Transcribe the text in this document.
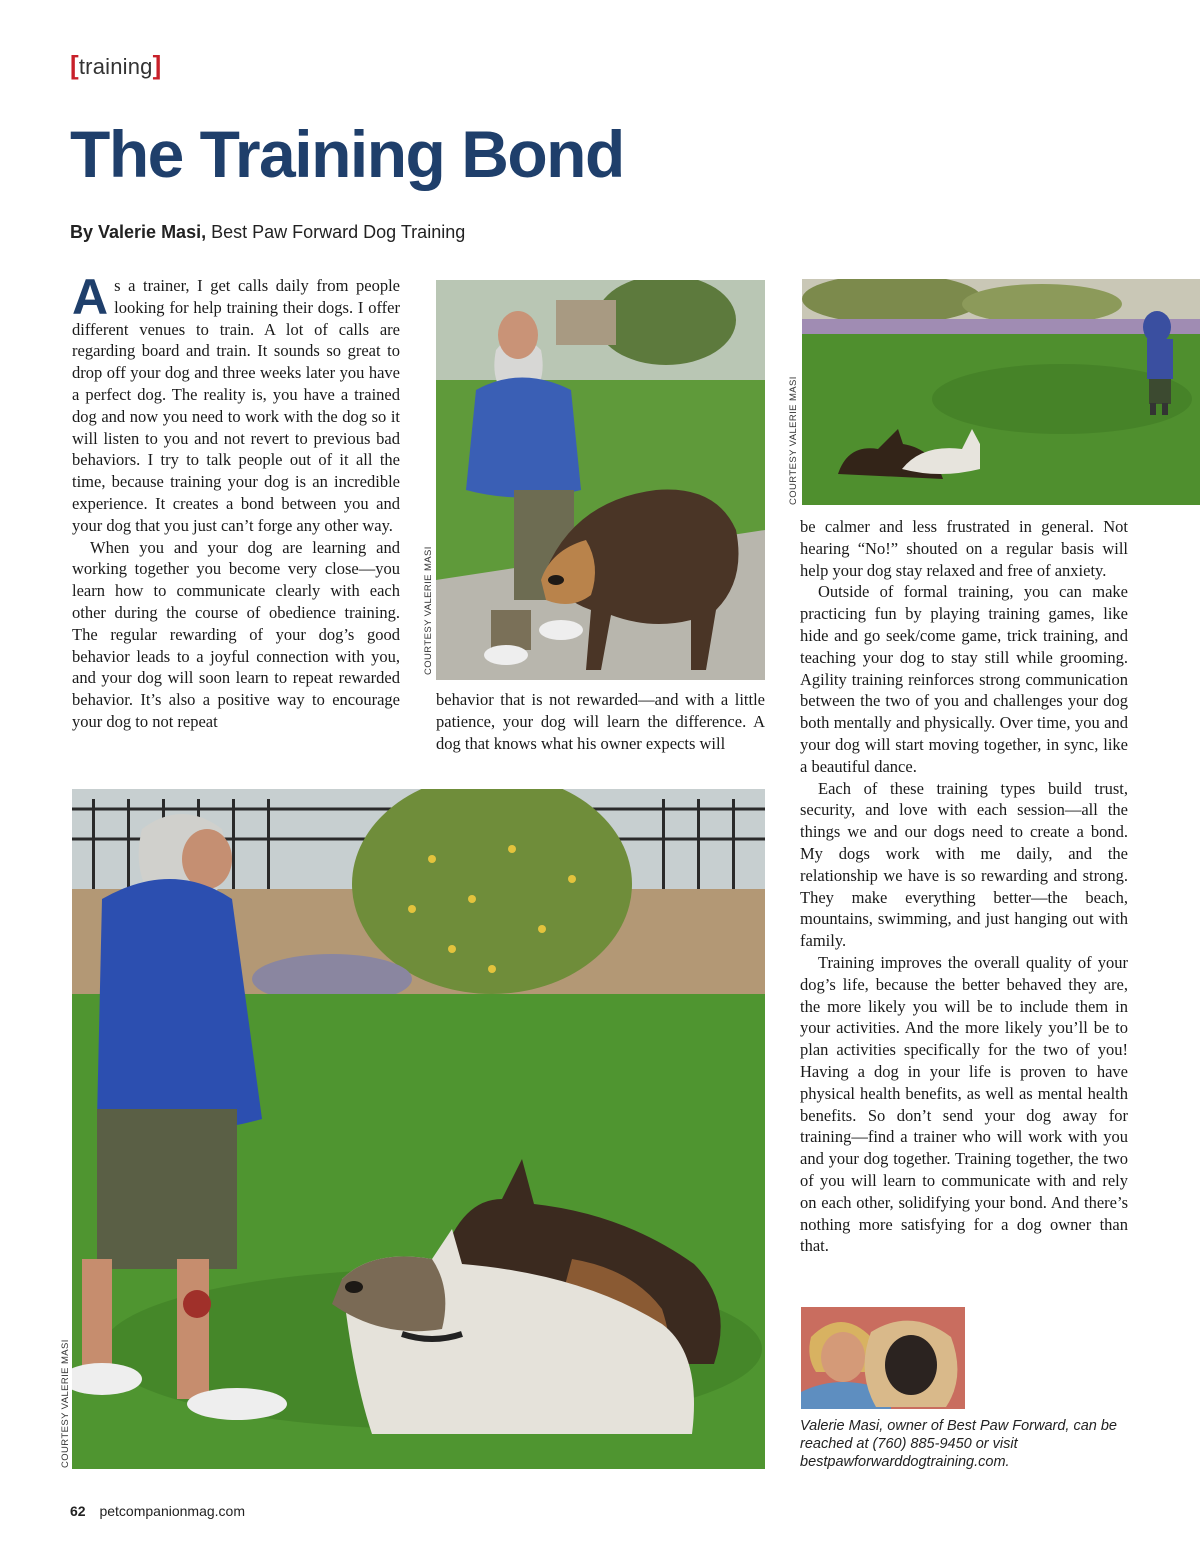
[training]
The Training Bond
By Valerie Masi, Best Paw Forward Dog Training

As a trainer, I get calls daily from people looking for help training their dogs. I offer different venues to train. A lot of calls are regarding board and train. It sounds so great to drop off your dog and three weeks later you have a perfect dog. The reality is, you have a trained dog and now you need to work with the dog so it will listen to you and not revert to previous bad behaviors. I try to talk people out of it all the time, because training your dog is an incredible experience. It creates a bond between you and your dog that you just can’t forge any other way.

When you and your dog are learning and working together you become very close—you learn how to communicate clearly with each other during the course of obedience training. The regular rewarding of your dog’s good behavior leads to a joyful connection with you, and your dog will soon learn to repeat rewarded behavior. It’s also a positive way to encourage your dog to not repeat

COURTESY VALERIE MASI

behavior that is not rewarded—and with a little patience, your dog will learn the difference. A dog that knows what his owner expects will

COURTESY VALERIE MASI

be calmer and less frustrated in general. Not hearing “No!” shouted on a regular basis will help your dog stay relaxed and free of anxiety.

Outside of formal training, you can make practicing fun by playing training games, like hide and go seek/come game, trick training, and teaching your dog to stay still while grooming. Agility training reinforces strong communication between the two of you and challenges your dog both mentally and physically. Over time, you and your dog will start moving together, in sync, like a beautiful dance.

Each of these training types build trust, security, and love with each session—all the things we and our dogs need to create a bond. My dogs work with me daily, and the relationship we have is so rewarding and strong. They make everything better—the beach, mountains, swimming, and just hanging out with family.

Training improves the overall quality of your dog’s life, because the better behaved they are, the more likely you will be to include them in your activities. And the more likely you’ll be to plan activities specifically for the two of you! Having a dog in your life is proven to have physical health benefits, as well as mental health benefits. So don’t send your dog away for training—find a trainer who will work with you and your dog together. Training together, the two of you will learn to communicate with and rely on each other, solidifying your bond. And there’s nothing more satisfying for a dog owner than that.

COURTESY VALERIE MASI	Valerie Masi, owner of Best Paw Forward, can be reached at (760) 885-9450 or visit bestpawforwarddogtraining.com.
62 petcompanionmag.com
